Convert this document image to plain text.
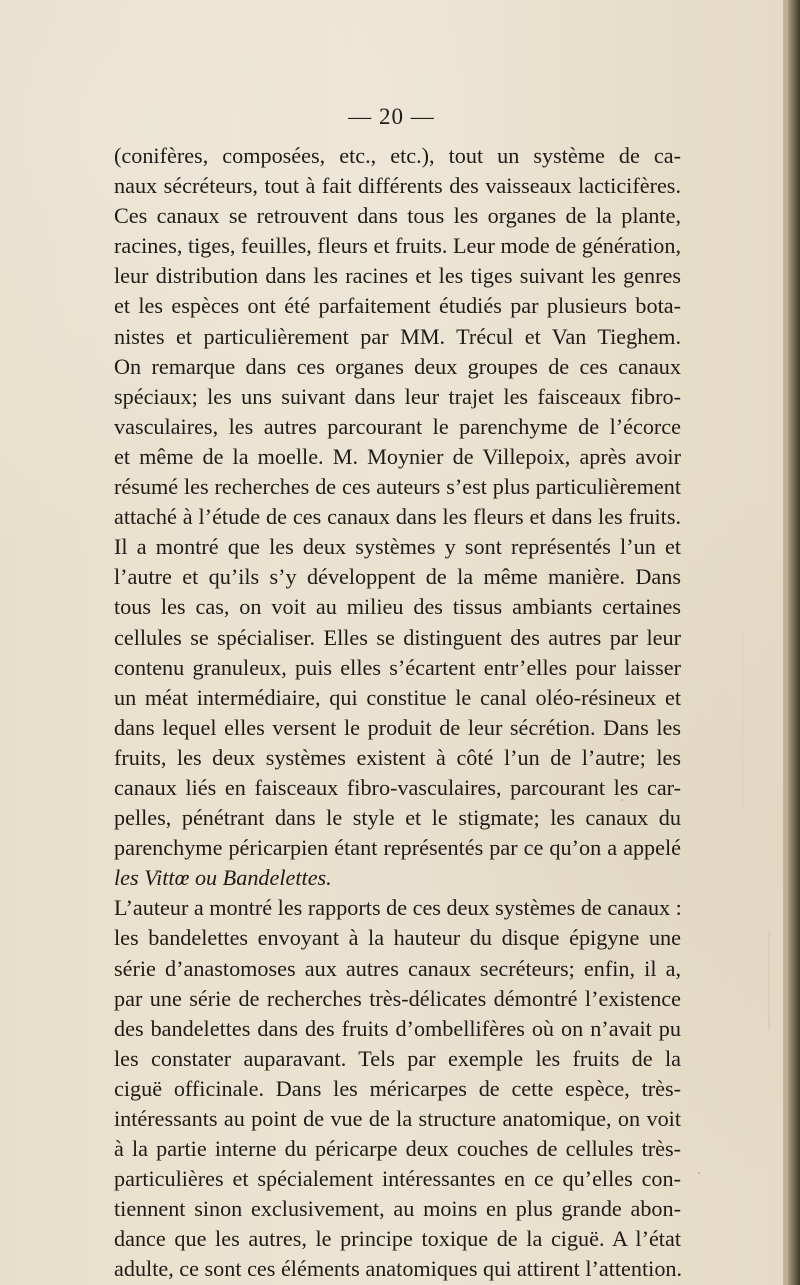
— 20 —
(conifères, composées, etc., etc.), tout un système de ca-
naux sécréteurs, tout à fait différents des vaisseaux lacticifères.
Ces canaux se retrouvent dans tous les organes de la plante,
racines, tiges, feuilles, fleurs et fruits. Leur mode de génération,
leur distribution dans les racines et les tiges suivant les genres
et les espèces ont été parfaitement étudiés par plusieurs bota-
nistes et particulièrement par MM. Trécul et Van Tieghem.
On remarque dans ces organes deux groupes de ces canaux
spéciaux; les uns suivant dans leur trajet les faisceaux fibro-
vasculaires, les autres parcourant le parenchyme de l’écorce
et même de la moelle. M. Moynier de Villepoix, après avoir
résumé les recherches de ces auteurs s’est plus particulièrement
attaché à l’étude de ces canaux dans les fleurs et dans les fruits.
Il a montré que les deux systèmes y sont représentés l’un et
l’autre et qu’ils s’y développent de la même manière. Dans
tous les cas, on voit au milieu des tissus ambiants certaines
cellules se spécialiser. Elles se distinguent des autres par leur
contenu granuleux, puis elles s’écartent entr’elles pour laisser
un méat intermédiaire, qui constitue le canal oléo-résineux et
dans lequel elles versent le produit de leur sécrétion. Dans les
fruits, les deux systèmes existent à côté l’un de l’autre; les
canaux liés en faisceaux fibro-vasculaires, parcourant les car-
pelles, pénétrant dans le style et le stigmate; les canaux du
parenchyme péricarpien étant représentés par ce qu’on a appelé
les Vittœ ou Bandelettes.
L’auteur a montré les rapports de ces deux systèmes de canaux :
les bandelettes envoyant à la hauteur du disque épigyne une
série d’anastomoses aux autres canaux secréteurs; enfin, il a,
par une série de recherches très-délicates démontré l’existence
des bandelettes dans des fruits d’ombellifères où on n’avait pu
les constater auparavant. Tels par exemple les fruits de la
ciguë officinale. Dans les méricarpes de cette espèce, très-
intéressants au point de vue de la structure anatomique, on voit
à la partie interne du péricarpe deux couches de cellules très-
particulières et spécialement intéressantes en ce qu’elles con-
tiennent sinon exclusivement, au moins en plus grande abon-
dance que les autres, le principe toxique de la ciguë. A l’état
adulte, ce sont ces éléments anatomiques qui attirent l’attention.
